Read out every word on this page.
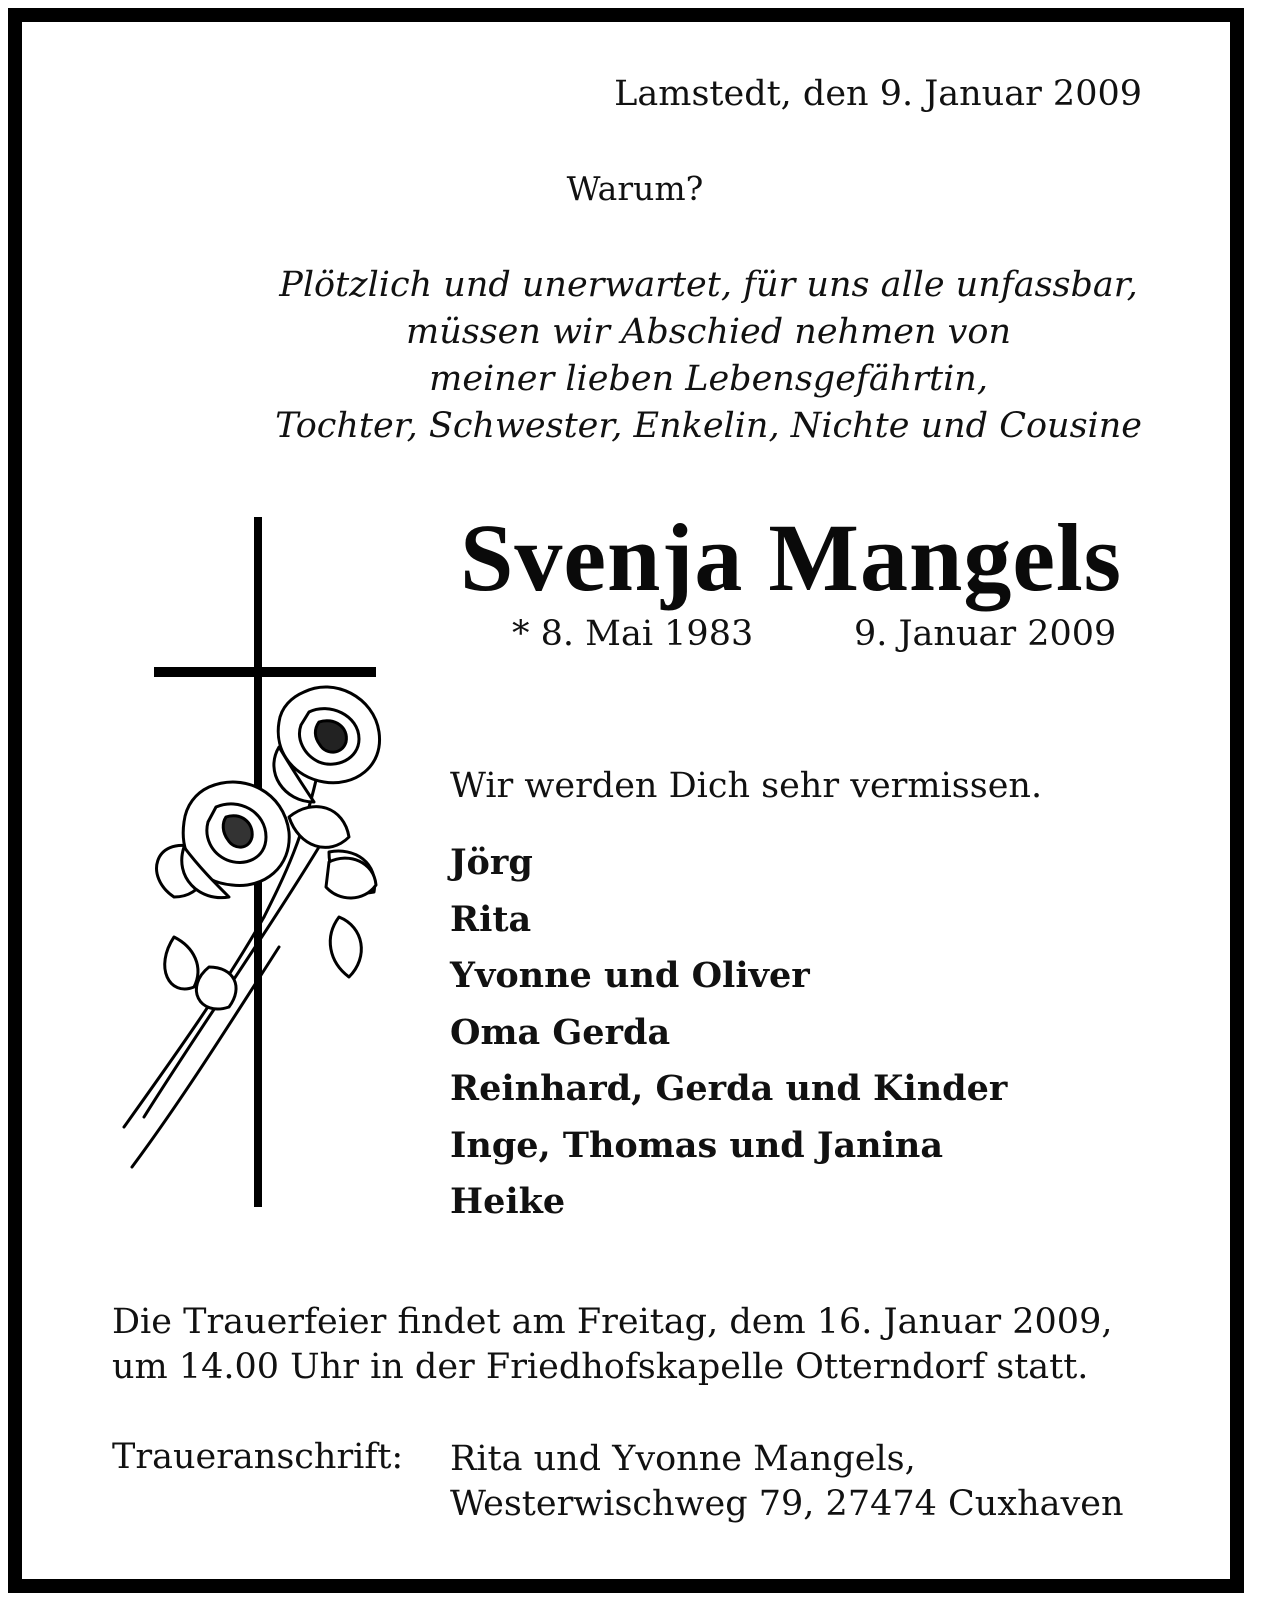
Lamstedt, den 9. Januar 2009
Warum?
Plötzlich und unerwartet, für uns alle unfassbar,
müssen wir Abschied nehmen von
meiner lieben Lebensgefährtin,
Tochter, Schwester, Enkelin, Nichte und Cousine
Svenja Mangels
* 8. Mai 1983	9. Januar 2009
Wir werden Dich sehr vermissen.
Jörg
Rita
Yvonne und Oliver
Oma Gerda
Reinhard, Gerda und Kinder
Inge, Thomas und Janina
Heike
Die Trauerfeier findet am Freitag, dem 16. Januar 2009,
um 14.00 Uhr in der Friedhofskapelle Otterndorf statt.
Traueranschrift: Rita und Yvonne Mangels,
Westerwischweg 79, 27474 Cuxhaven
